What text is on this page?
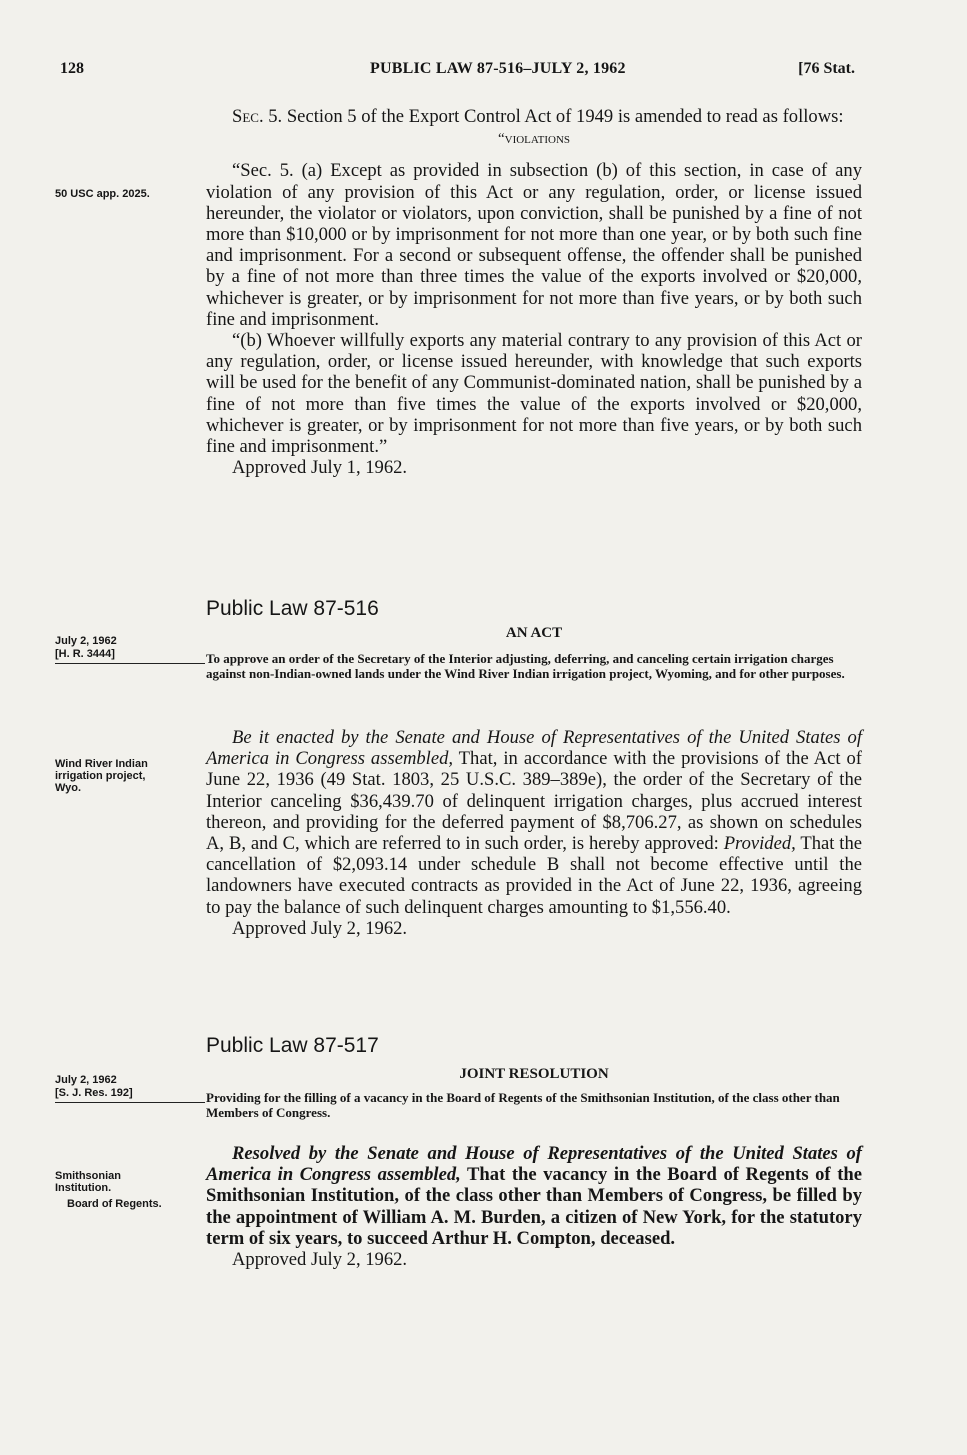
128	PUBLIC LAW 87-516–JULY 2, 1962	[76 Stat.

Sec. 5. Section 5 of the Export Control Act of 1949 is amended to read as follows:

“violations

“Sec. 5. (a) Except as provided in subsection (b) of this section, in case of any violation of any provision of this Act or any regulation, order, or license issued hereunder, the violator or violators, upon conviction, shall be punished by a fine of not more than $10,000 or by imprisonment for not more than one year, or by both such fine and imprisonment. For a second or subsequent offense, the offender shall be punished by a fine of not more than three times the value of the exports involved or $20,000, whichever is greater, or by imprisonment for not more than five years, or by both such fine and imprisonment.

“(b) Whoever willfully exports any material contrary to any provision of this Act or any regulation, order, or license issued hereunder, with knowledge that such exports will be used for the benefit of any Communist-dominated nation, shall be punished by a fine of not more than five times the value of the exports involved or $20,000, whichever is greater, or by imprisonment for not more than five years, or by both such fine and imprisonment.”

Approved July 1, 1962.

50 USC app. 2025.
Public Law 87-516
July 2, 1962
[H. R. 3444]
AN ACT
To approve an order of the Secretary of the Interior adjusting, deferring, and canceling certain irrigation charges against non-Indian-owned lands under the Wind River Indian irrigation project, Wyoming, and for other purposes.

Be it enacted by the Senate and House of Representatives of the United States of America in Congress assembled, That, in accordance with the provisions of the Act of June 22, 1936 (49 Stat. 1803, 25 U.S.C. 389–389e), the order of the Secretary of the Interior canceling $36,439.70 of delinquent irrigation charges, plus accrued interest thereon, and providing for the deferred payment of $8,706.27, as shown on schedules A, B, and C, which are referred to in such order, is hereby approved: Provided, That the cancellation of $2,093.14 under schedule B shall not become effective until the landowners have executed contracts as provided in the Act of June 22, 1936, agreeing to pay the balance of such delinquent charges amounting to $1,556.40.

Approved July 2, 1962.

Wind River Indian irrigation project, Wyo.
Public Law 87-517
July 2, 1962
[S. J. Res. 192]
JOINT RESOLUTION
Providing for the filling of a vacancy in the Board of Regents of the Smithsonian Institution, of the class other than Members of Congress.

Resolved by the Senate and House of Representatives of the United States of America in Congress assembled, That the vacancy in the Board of Regents of the Smithsonian Institution, of the class other than Members of Congress, be filled by the appointment of William A. M. Burden, a citizen of New York, for the statutory term of six years, to succeed Arthur H. Compton, deceased.

Approved July 2, 1962.

Smithsonian Institution.
Board of Regents.
